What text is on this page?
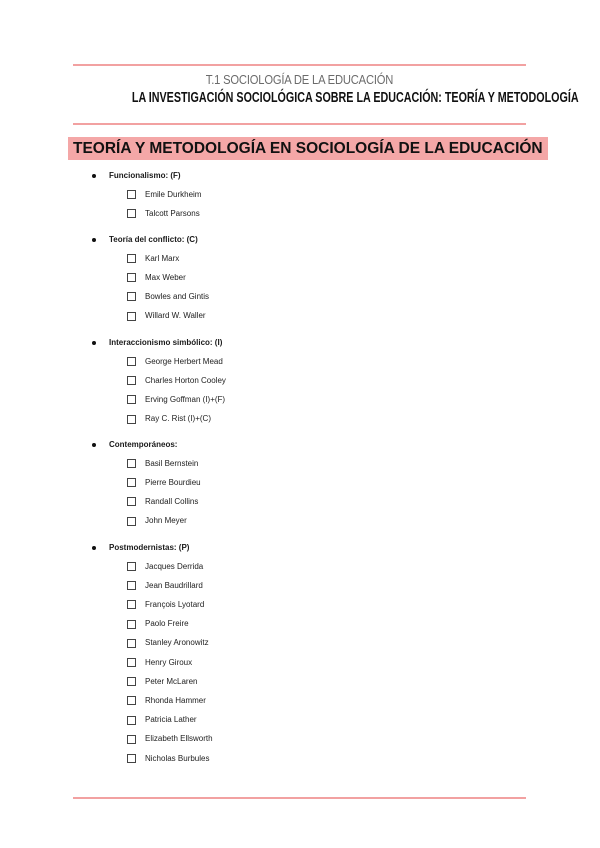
T.1 SOCIOLOGÍA DE LA EDUCACIÓN
LA INVESTIGACIÓN SOCIOLÓGICA SOBRE LA EDUCACIÓN: TEORÍA Y METODOLOGÍA
TEORÍA Y METODOLOGÍA EN SOCIOLOGÍA DE LA EDUCACIÓN
Funcionalismo: (F)
Emile Durkheim
Talcott Parsons
Teoría del conflicto: (C)
Karl Marx
Max Weber
Bowles and Gintis
Willard W. Waller
Interaccionismo simbólico: (I)
George Herbert Mead
Charles Horton Cooley
Erving Goffman (I)+(F)
Ray C. Rist (I)+(C)
Contemporáneos:
Basil Bernstein
Pierre Bourdieu
Randall Collins
John Meyer
Postmodernistas: (P)
Jacques Derrida
Jean Baudrillard
François Lyotard
Paolo Freire
Stanley Aronowitz
Henry Giroux
Peter McLaren
Rhonda Hammer
Patricia Lather
Elizabeth Ellsworth
Nicholas Burbules
